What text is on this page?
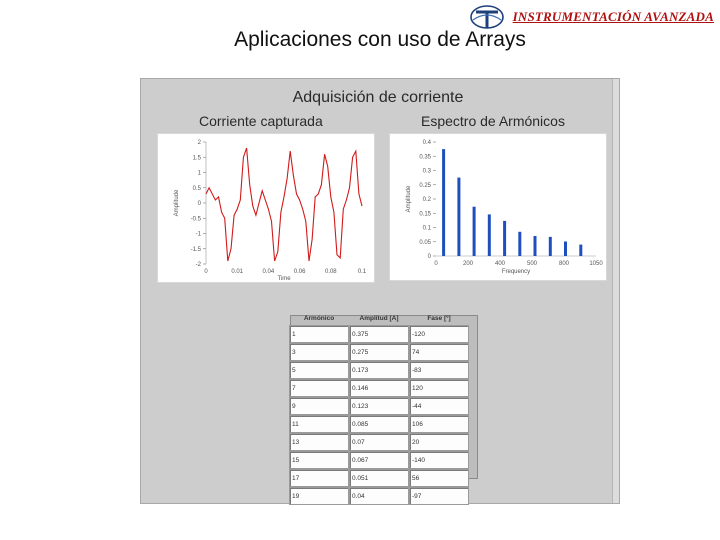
INSTRUMENTACIÓN AVANZADA
Aplicaciones con uso de Arrays
Adquisición de corriente
Corriente capturada	Espectro de Armónicos
2
1.5
1
0.5
0
-0.5
-1
-1.5
-2
0	0.01	0.04	0.06	0.08	0.1
Amplitude
Time
0.4
0.35
0.3
0.25
0.2
0.15
0.1
0.05
0
0	200	400	500	800	1050
Amplitude
Frequency
Armónico	Amplitud [A]	Fase [º]
1	0.375	-120
3	0.275	74
5	0.173	-83
7	0.146	120
9	0.123	-44
11	0.085	106
13	0.07	20
15	0.067	-140
17	0.051	56
19	0.04	-97
